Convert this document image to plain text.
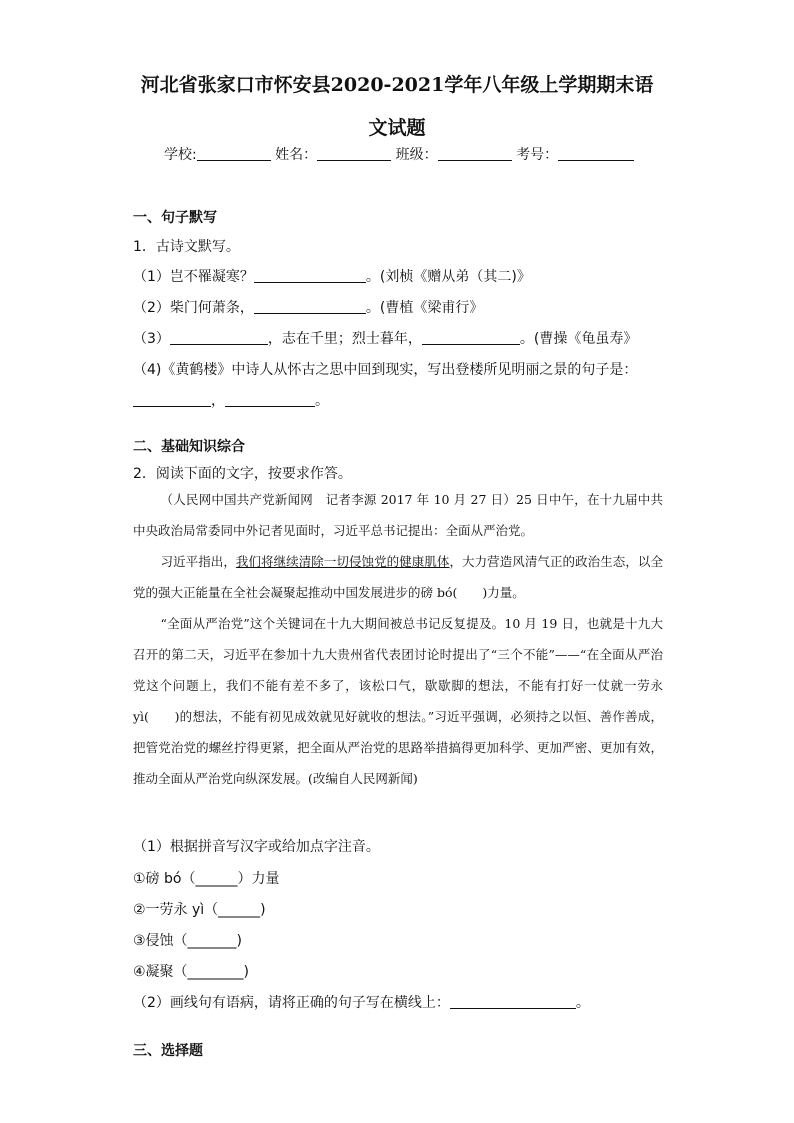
河北省张家口市怀安县2020-2021学年八年级上学期期末语
文试题
学校:	姓名：	班级：	考号：
一、句子默写
1．古诗文默写。
（1）岂不罹凝寒？	。(刘桢《赠从弟（其二)》
（2）柴门何萧条，	。(曹植《梁甫行》
（3）	，志在千里；烈士暮年，	。(曹操《龟虽寿》
（4)《黄鹤楼》中诗人从怀古之思中回到现实，写出登楼所见明丽之景的句子是：
，	。
二、基础知识综合
2．阅读下面的文字，按要求作答。

（人民网中国共产党新闻网　记者李源 2017 年 10 月 27 日）25 日中午，在十九届中共中央政治局常委同中外记者见面时，习近平总书记提出：全面从严治党。

习近平指出，我们将继续清除一切侵蚀党的健康肌体，大力营造风清气正的政治生态，以全党的强大正能量在全社会凝聚起推动中国发展进步的磅 bó(　　)力量。

“全面从严治党”这个关键词在十九大期间被总书记反复提及。10 月 19 日，也就是十九大召开的第二天，习近平在参加十九大贵州省代表团讨论时提出了“三个不能”——“在全面从严治党这个问题上，我们不能有差不多了，该松口气，歇歇脚的想法，不能有打好一仗就一劳永 yì(　　)的想法，不能有初见成效就见好就收的想法。”习近平强调，必须持之以恒、善作善成，把管党治党的螺丝拧得更紧，把全面从严治党的思路举措搞得更加科学、更加严密、更加有效，推动全面从严治党向纵深发展。(改编自人民网新闻)

（1）根据拼音写汉字或给加点字注音。
①磅 bó（______）力量
②一劳永 yì（______)
③侵蚀（_______)
④凝聚（________)
（2）画线句有语病，请将正确的句子写在横线上：	。
三、选择题
